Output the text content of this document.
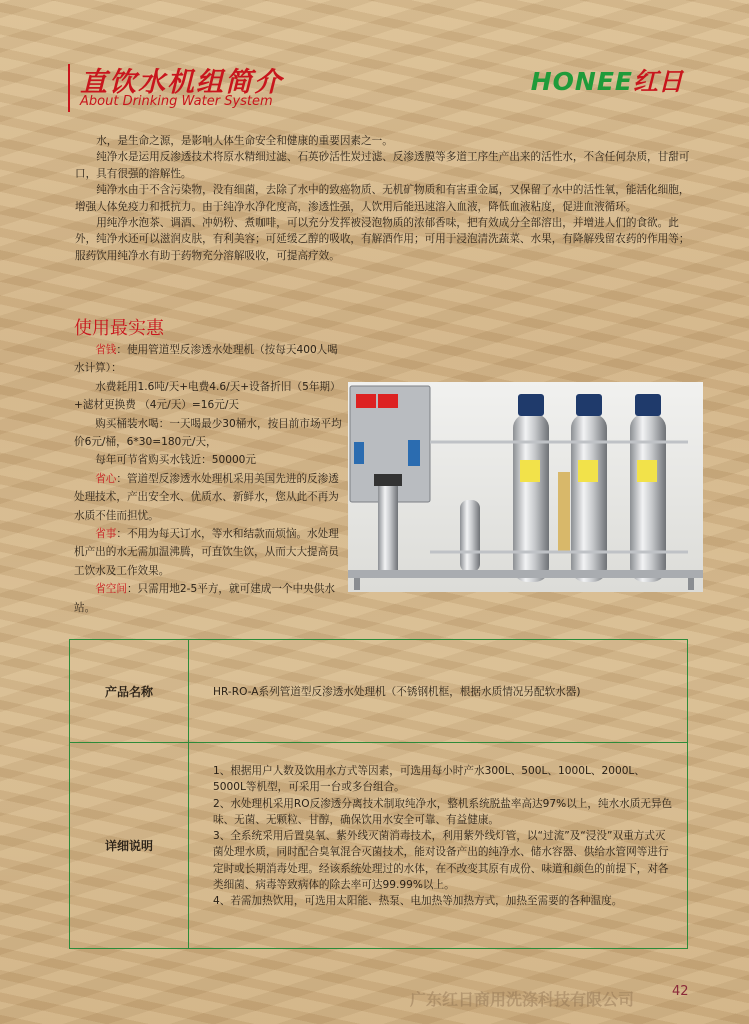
直饮水机组简介
About Drinking Water System
HONEE红日

水，是生命之源，是影响人体生命安全和健康的重要因素之一。

纯净水是运用反渗透技术将原水精细过滤、石英砂活性炭过滤、反渗透膜等多道工序生产出来的活性水，不含任何杂质，甘甜可口，具有很强的溶解性。

纯净水由于不含污染物，没有细菌，去除了水中的致癌物质、无机矿物质和有害重金属，又保留了水中的活性氧，能活化细胞，增强人体免疫力和抵抗力。由于纯净水净化度高，渗透性强，人饮用后能迅速溶入血液，降低血液粘度，促进血液循环。

用纯净水泡茶、调酒、冲奶粉、煮咖啡，可以充分发挥被浸泡物质的浓郁香味，把有效成分全部溶出，并增进人们的食欲。此外，纯净水还可以滋润皮肤，有利美容；可延缓乙醇的吸收，有解酒作用；可用于浸泡清洗蔬菜、水果，有降解残留农药的作用等；服药饮用纯净水有助于药物充分溶解吸收，可提高疗效。

使用最实惠

省钱：使用管道型反渗透水处理机（按每天400人喝水计算）：

水费耗用1.6吨/天+电费4.6/天+设备折旧（5年期）+滤材更换费 （4元/天）=16元/天

购买桶装水喝：一天喝最少30桶水，按目前市场平均价6元/桶，6*30=180元/天，

每年可节省购买水钱近：50000元

省心：管道型反渗透水处理机采用美国先进的反渗透处理技术，产出安全水、优质水、新鲜水，您从此不再为水质不佳而担忧。

省事：不用为每天订水，等水和结款而烦恼。水处理机产出的水无需加温沸腾，可直饮生饮，从而大大提高员工饮水及工作效果。

省空间：只需用地2-5平方，就可建成一个中央供水站。

产品名称	HR-RO-A系列管道型反渗透水处理机（不锈钢机框，根据水质情况另配软水器)
详细说明	1、根据用户人数及饮用水方式等因素，可选用每小时产水300L、500L、1000L、2000L、5000L等机型，可采用一台或多台组合。

2、水处理机采用RO反渗透分离技术制取纯净水，整机系统脱盐率高达97%以上，纯水水质无异色味、无菌、无颗粒、甘醇，确保饮用水安全可靠、有益健康。

3、全系统采用后置臭氧、紫外线灭菌消毒技术，利用紫外线灯管，以“过流”及“浸没”双重方式灭菌处理水质，同时配合臭氧混合灭菌技术，能对设备产出的纯净水、储水容器、供给水管网等进行定时或长期消毒处理。经该系统处理过的水体，在不改变其原有成份、味道和颜色的前提下，对各类细菌、病毒等致病体的除去率可达99.99%以上。

4、若需加热饮用，可选用太阳能、热泵、电加热等加热方式，加热至需要的各种温度。

广东红日商用洗涤科技有限公司	42
